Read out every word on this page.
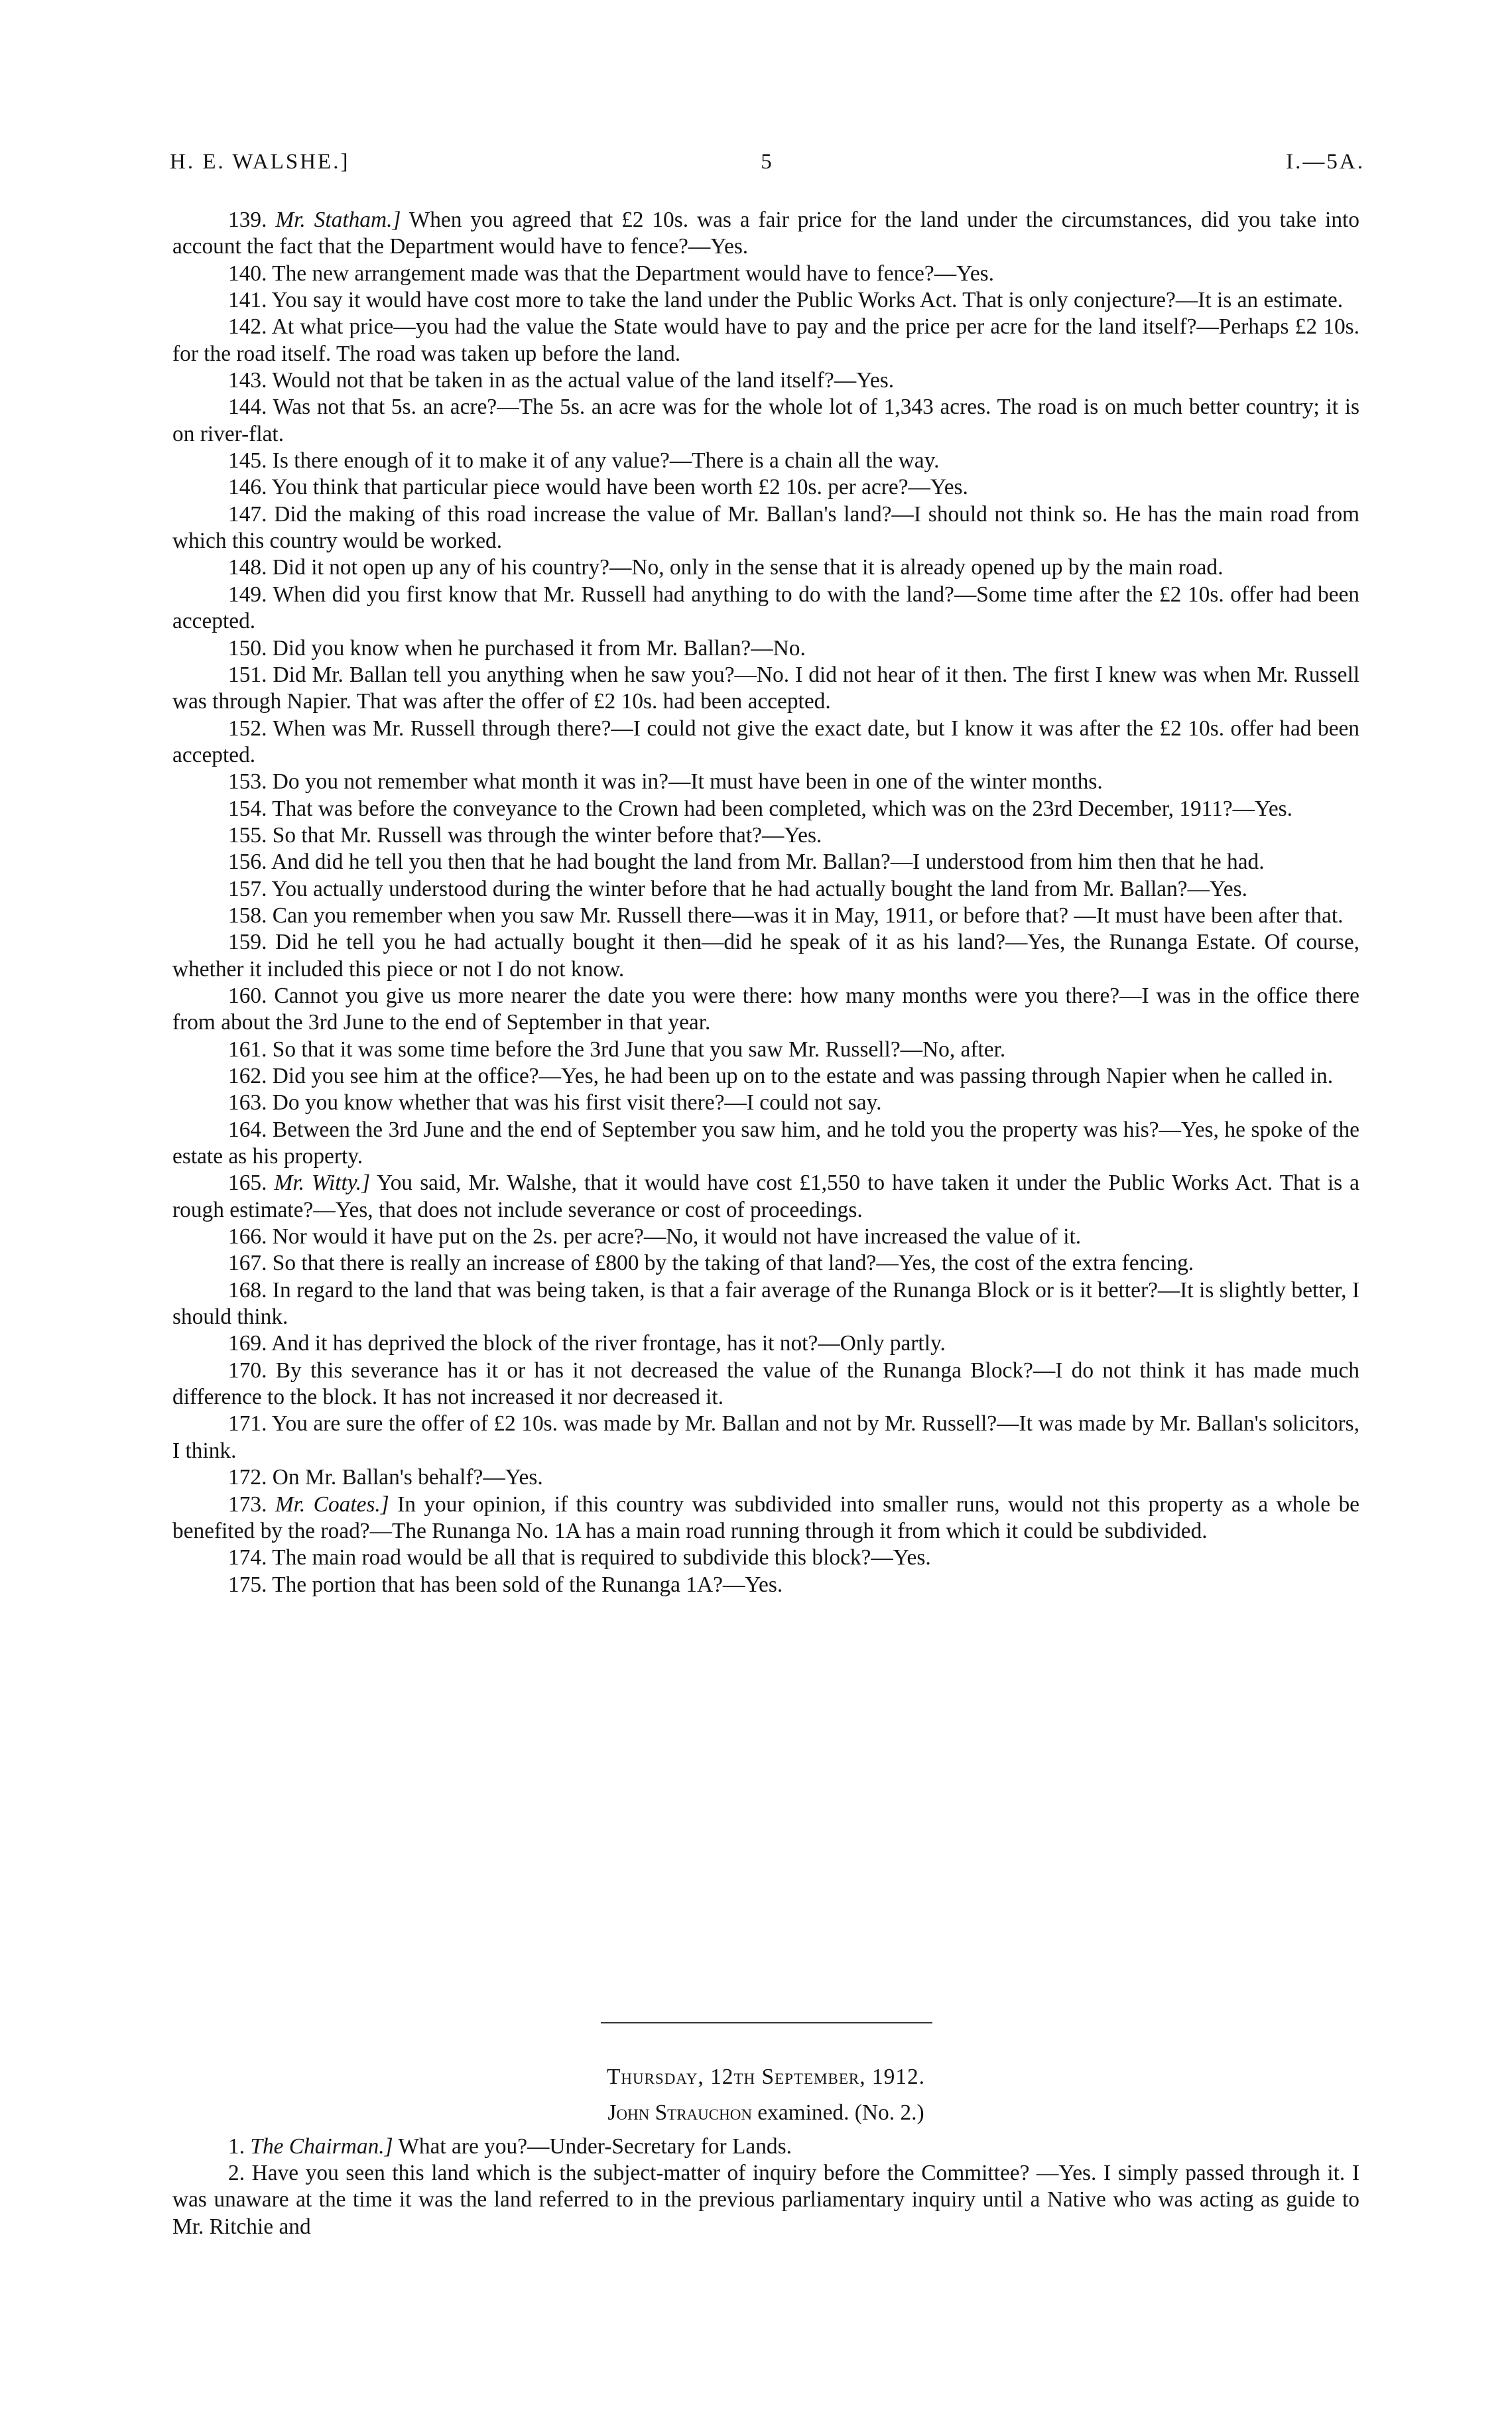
H. E. WALSHE.]	5	I.—5A.

139. Mr. Statham.] When you agreed that £2 10s. was a fair price for the land under the circumstances, did you take into account the fact that the Department would have to fence?—Yes.

140. The new arrangement made was that the Department would have to fence?—Yes.

141. You say it would have cost more to take the land under the Public Works Act. That is only conjecture?—It is an estimate.

142. At what price—you had the value the State would have to pay and the price per acre for the land itself?—Perhaps £2 10s. for the road itself. The road was taken up before the land.

143. Would not that be taken in as the actual value of the land itself?—Yes.

144. Was not that 5s. an acre?—The 5s. an acre was for the whole lot of 1,343 acres. The road is on much better country; it is on river-flat.

145. Is there enough of it to make it of any value?—There is a chain all the way.

146. You think that particular piece would have been worth £2 10s. per acre?—Yes.

147. Did the making of this road increase the value of Mr. Ballan's land?—I should not think so. He has the main road from which this country would be worked.

148. Did it not open up any of his country?—No, only in the sense that it is already opened up by the main road.

149. When did you first know that Mr. Russell had anything to do with the land?—Some time after the £2 10s. offer had been accepted.

150. Did you know when he purchased it from Mr. Ballan?—No.

151. Did Mr. Ballan tell you anything when he saw you?—No. I did not hear of it then. The first I knew was when Mr. Russell was through Napier. That was after the offer of £2 10s. had been accepted.

152. When was Mr. Russell through there?—I could not give the exact date, but I know it was after the £2 10s. offer had been accepted.

153. Do you not remember what month it was in?—It must have been in one of the winter months.

154. That was before the conveyance to the Crown had been completed, which was on the 23rd December, 1911?—Yes.

155. So that Mr. Russell was through the winter before that?—Yes.

156. And did he tell you then that he had bought the land from Mr. Ballan?—I understood from him then that he had.

157. You actually understood during the winter before that he had actually bought the land from Mr. Ballan?—Yes.

158. Can you remember when you saw Mr. Russell there—was it in May, 1911, or before that? —It must have been after that.

159. Did he tell you he had actually bought it then—did he speak of it as his land?—Yes, the Runanga Estate. Of course, whether it included this piece or not I do not know.

160. Cannot you give us more nearer the date you were there: how many months were you there?—I was in the office there from about the 3rd June to the end of September in that year.

161. So that it was some time before the 3rd June that you saw Mr. Russell?—No, after.

162. Did you see him at the office?—Yes, he had been up on to the estate and was passing through Napier when he called in.

163. Do you know whether that was his first visit there?—I could not say.

164. Between the 3rd June and the end of September you saw him, and he told you the property was his?—Yes, he spoke of the estate as his property.

165. Mr. Witty.] You said, Mr. Walshe, that it would have cost £1,550 to have taken it under the Public Works Act. That is a rough estimate?—Yes, that does not include severance or cost of proceedings.

166. Nor would it have put on the 2s. per acre?—No, it would not have increased the value of it.

167. So that there is really an increase of £800 by the taking of that land?—Yes, the cost of the extra fencing.

168. In regard to the land that was being taken, is that a fair average of the Runanga Block or is it better?—It is slightly better, I should think.

169. And it has deprived the block of the river frontage, has it not?—Only partly.

170. By this severance has it or has it not decreased the value of the Runanga Block?—I do not think it has made much difference to the block. It has not increased it nor decreased it.

171. You are sure the offer of £2 10s. was made by Mr. Ballan and not by Mr. Russell?—It was made by Mr. Ballan's solicitors, I think.

172. On Mr. Ballan's behalf?—Yes.

173. Mr. Coates.] In your opinion, if this country was subdivided into smaller runs, would not this property as a whole be benefited by the road?—The Runanga No. 1A has a main road running through it from which it could be subdivided.

174. The main road would be all that is required to subdivide this block?—Yes.

175. The portion that has been sold of the Runanga 1A?—Yes.

Thursday, 12th September, 1912.

John Strauchon examined. (No. 2.)

1. The Chairman.] What are you?—Under-Secretary for Lands.

2. Have you seen this land which is the subject-matter of inquiry before the Committee? —Yes. I simply passed through it. I was unaware at the time it was the land referred to in the previous parliamentary inquiry until a Native who was acting as guide to Mr. Ritchie and
